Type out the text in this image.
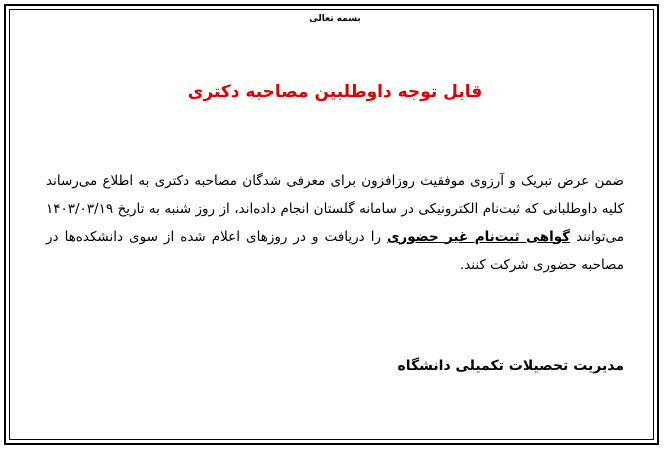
بسمه تعالی
قابل توجه داوطلبین مصاحبه دکتری

ضمن عرض تبریک و آرزوی موفقیت روزافزون برای معرفی شدگان مصاحبه دکتری به اطلاع می‌رساند کلیه داوطلبانی که ثبت‌نام الکترونیکی در سامانه گلستان انجام داده‌اند، از روز شنبه به تاریخ ۱۴۰۳/۰۳/۱۹ می‌توانند گواهی ثبت‌نام غیر حضوری را دریافت و در روزهای اعلام شده از سوی دانشکده‌ها در مصاحبه حضوری شرکت کنند.

مدیریت تحصیلات تکمیلی دانشگاه
